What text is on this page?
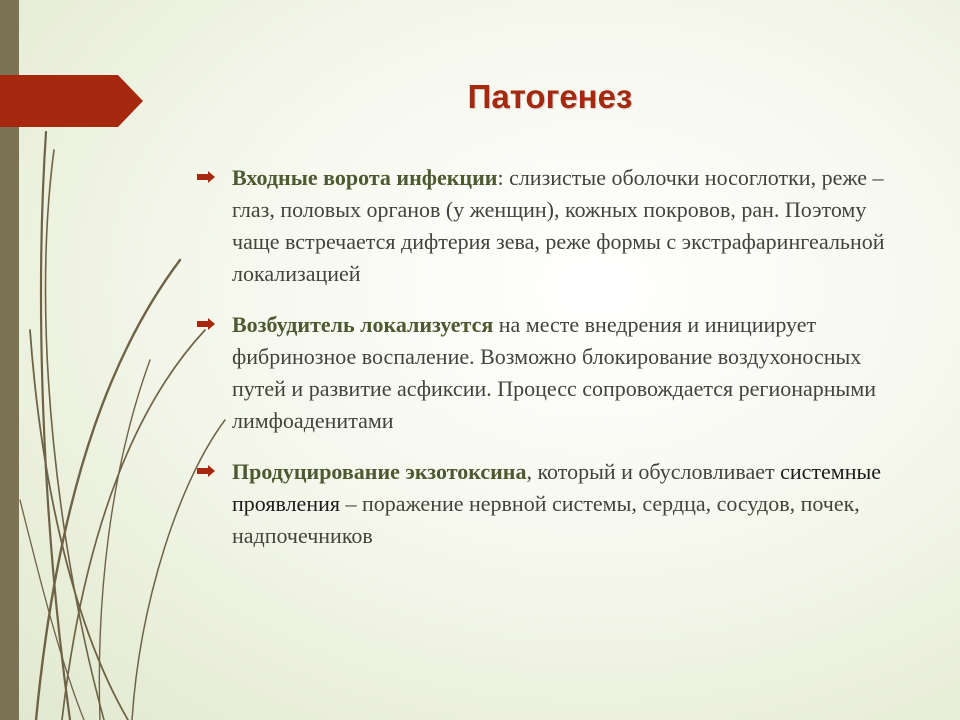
Патогенез
Входные ворота инфекции: слизистые оболочки носоглотки, реже – глаз, половых органов (у женщин), кожных покровов, ран. Поэтому чаще встречается дифтерия зева, реже формы с экстрафарингеальной локализацией
Возбудитель локализуется на месте внедрения и инициирует фибринозное воспаление. Возможно блокирование воздухоносных путей и развитие асфиксии. Процесс сопровождается регионарными лимфоаденитами
Продуцирование экзотоксина, который и обусловливает системные проявления – поражение нервной системы, сердца, сосудов, почек, надпочечников
